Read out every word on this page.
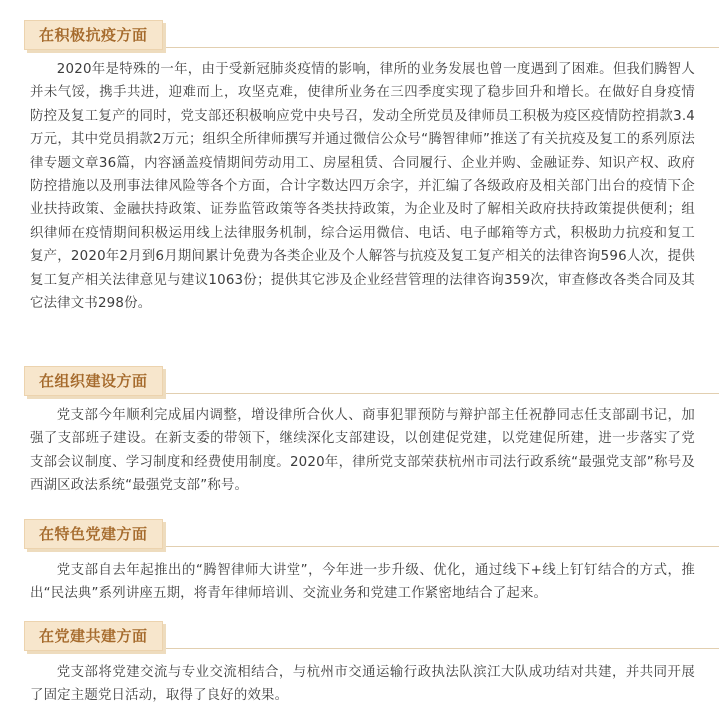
在积极抗疫方面

2020年是特殊的一年，由于受新冠肺炎疫情的影响，律所的业务发展也曾一度遇到了困难。但我们腾智人并未气馁，携手共进，迎难而上，攻坚克难，使律所业务在三四季度实现了稳步回升和增长。在做好自身疫情防控及复工复产的同时，党支部还积极响应党中央号召，发动全所党员及律师员工积极为疫区疫情防控捐款3.4万元，其中党员捐款2万元；组织全所律师撰写并通过微信公众号“腾智律师”推送了有关抗疫及复工的系列原法律专题文章36篇，内容涵盖疫情期间劳动用工、房屋租赁、合同履行、企业并购、金融证券、知识产权、政府防控措施以及刑事法律风险等各个方面，合计字数达四万余字，并汇编了各级政府及相关部门出台的疫情下企业扶持政策、金融扶持政策、证券监管政策等各类扶持政策，为企业及时了解相关政府扶持政策提供便利；组织律师在疫情期间积极运用线上法律服务机制，综合运用微信、电话、电子邮箱等方式，积极助力抗疫和复工复产，2020年2月到6月期间累计免费为各类企业及个人解答与抗疫及复工复产相关的法律咨询596人次，提供复工复产相关法律意见与建议1063份；提供其它涉及企业经营管理的法律咨询359次，审查修改各类合同及其它法律文书298份。

在组织建设方面

党支部今年顺利完成届内调整，增设律所合伙人、商事犯罪预防与辩护部主任祝静同志任支部副书记，加强了支部班子建设。在新支委的带领下，继续深化支部建设，以创建促党建，以党建促所建，进一步落实了党支部会议制度、学习制度和经费使用制度。2020年，律所党支部荣获杭州市司法行政系统“最强党支部”称号及西湖区政法系统“最强党支部”称号。

在特色党建方面

党支部自去年起推出的“腾智律师大讲堂”，今年进一步升级、优化，通过线下+线上钉钉结合的方式，推出“民法典”系列讲座五期，将青年律师培训、交流业务和党建工作紧密地结合了起来。

在党建共建方面

党支部将党建交流与专业交流相结合，与杭州市交通运输行政执法队滨江大队成功结对共建，并共同开展了固定主题党日活动，取得了良好的效果。
